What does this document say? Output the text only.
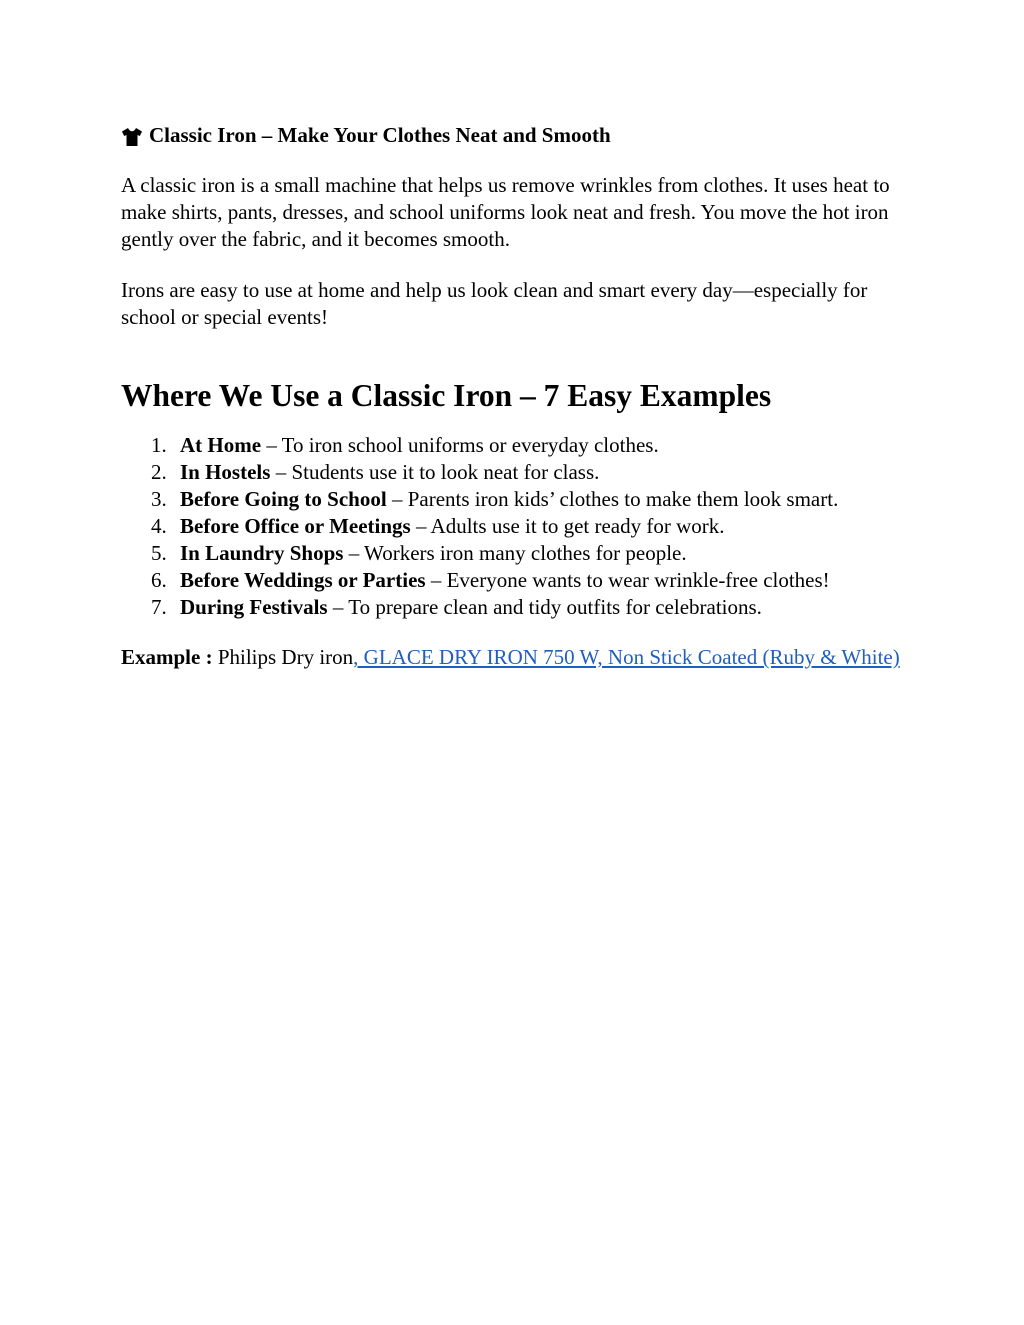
Classic Iron – Make Your Clothes Neat and Smooth

A classic iron is a small machine that helps us remove wrinkles from clothes. It uses heat to make shirts, pants, dresses, and school uniforms look neat and fresh. You move the hot iron gently over the fabric, and it becomes smooth.

Irons are easy to use at home and help us look clean and smart every day—especially for school or special events!

Where We Use a Classic Iron – 7 Easy Examples
1. At Home – To iron school uniforms or everyday clothes.
2. In Hostels – Students use it to look neat for class.
3. Before Going to School – Parents iron kids’ clothes to make them look smart.
4. Before Office or Meetings – Adults use it to get ready for work.
5. In Laundry Shops – Workers iron many clothes for people.
6. Before Weddings or Parties – Everyone wants to wear wrinkle-free clothes!
7. During Festivals – To prepare clean and tidy outfits for celebrations.

Example : Philips Dry iron, GLACE DRY IRON 750 W, Non Stick Coated (Ruby & White)
